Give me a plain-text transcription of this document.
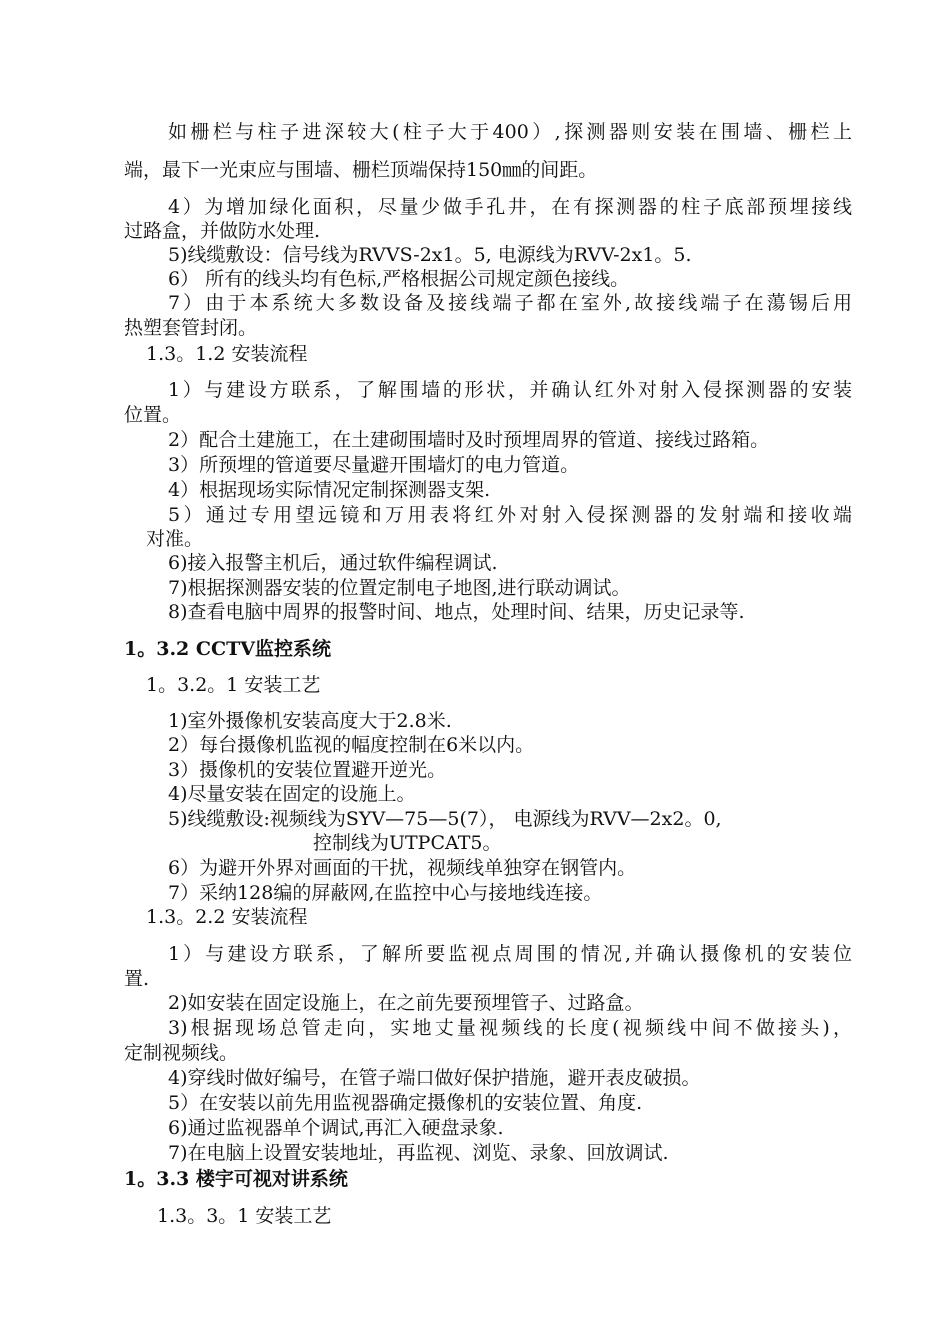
如栅栏与柱子进深较大(柱子大于400）,探测器则安装在围墙、栅栏上
端，最下一光束应与围墙、栅栏顶端保持150㎜的间距。
4）为增加绿化面积，尽量少做手孔井，在有探测器的柱子底部预埋接线
过路盒，并做防水处理.
5)线缆敷设：信号线为RVVS-2x1。5, 电源线为RVV-2x1。5.
6） 所有的线头均有色标,严格根据公司规定颜色接线。
7）由于本系统大多数设备及接线端子都在室外,故接线端子在蕩锡后用
热塑套管封闭。
1.3。1.2 安装流程
1）与建设方联系，了解围墙的形状，并确认红外对射入侵探测器的安装
位置。
2）配合土建施工，在土建砌围墙时及时预埋周界的管道、接线过路箱。
3）所预埋的管道要尽量避开围墙灯的电力管道。
4）根据现场实际情况定制探测器支架.
5）通过专用望远镜和万用表将红外对射入侵探测器的发射端和接收端
对准。
6)接入报警主机后，通过软件编程调试.
7)根据探测器安装的位置定制电子地图,进行联动调试。
8)查看电脑中周界的报警时间、地点，处理时间、结果，历史记录等.
1。3.2 CCTV监控系统
1。3.2。1 安装工艺
1)室外摄像机安装高度大于2.8米.
2）每台摄像机监视的幅度控制在6米以内。
3）摄像机的安装位置避开逆光。
4)尽量安装在固定的设施上。
5)线缆敷设:视频线为SYV—75—5(7）， 电源线为RVV—2x2。0,
控制线为UTPCAT5。
6）为避开外界对画面的干扰，视频线单独穿在钢管内。
7）采纳128编的屏蔽网,在监控中心与接地线连接。
1.3。2.2 安装流程
1）与建设方联系，了解所要监视点周围的情况,并确认摄像机的安装位
置.
2)如安装在固定设施上，在之前先要预埋管子、过路盒。
3)根据现场总管走向，实地丈量视频线的长度(视频线中间不做接头)，
定制视频线。
4)穿线时做好编号，在管子端口做好保护措施，避开表皮破损。
5）在安装以前先用监视器确定摄像机的安装位置、角度.
6)通过监视器单个调试,再汇入硬盘录象.
7)在电脑上设置安装地址，再监视、浏览、录象、回放调试.
1。3.3 楼宇可视对讲系统
1.3。3。1 安装工艺
